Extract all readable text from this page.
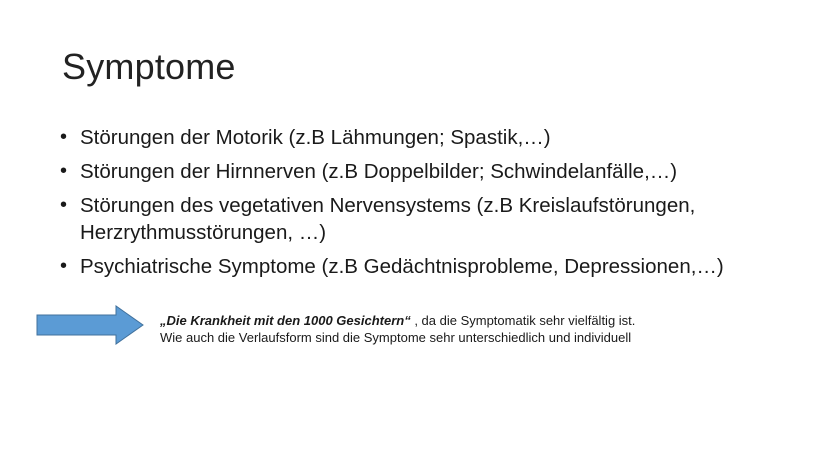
Symptome
• Störungen der Motorik (z.B Lähmungen; Spastik,…)
• Störungen der Hirnnerven (z.B Doppelbilder; Schwindelanfälle,…)
• Störungen des vegetativen Nervensystems (z.B Kreislaufstörungen,
Herzrythmusstörungen, …)
• Psychiatrische Symptome (z.B Gedächtnisprobleme, Depressionen,…)
„Die Krankheit mit den 1000 Gesichtern“ , da die Symptomatik sehr vielfältig ist. Wie auch die Verlaufsform sind die Symptome sehr unterschiedlich und individuell
